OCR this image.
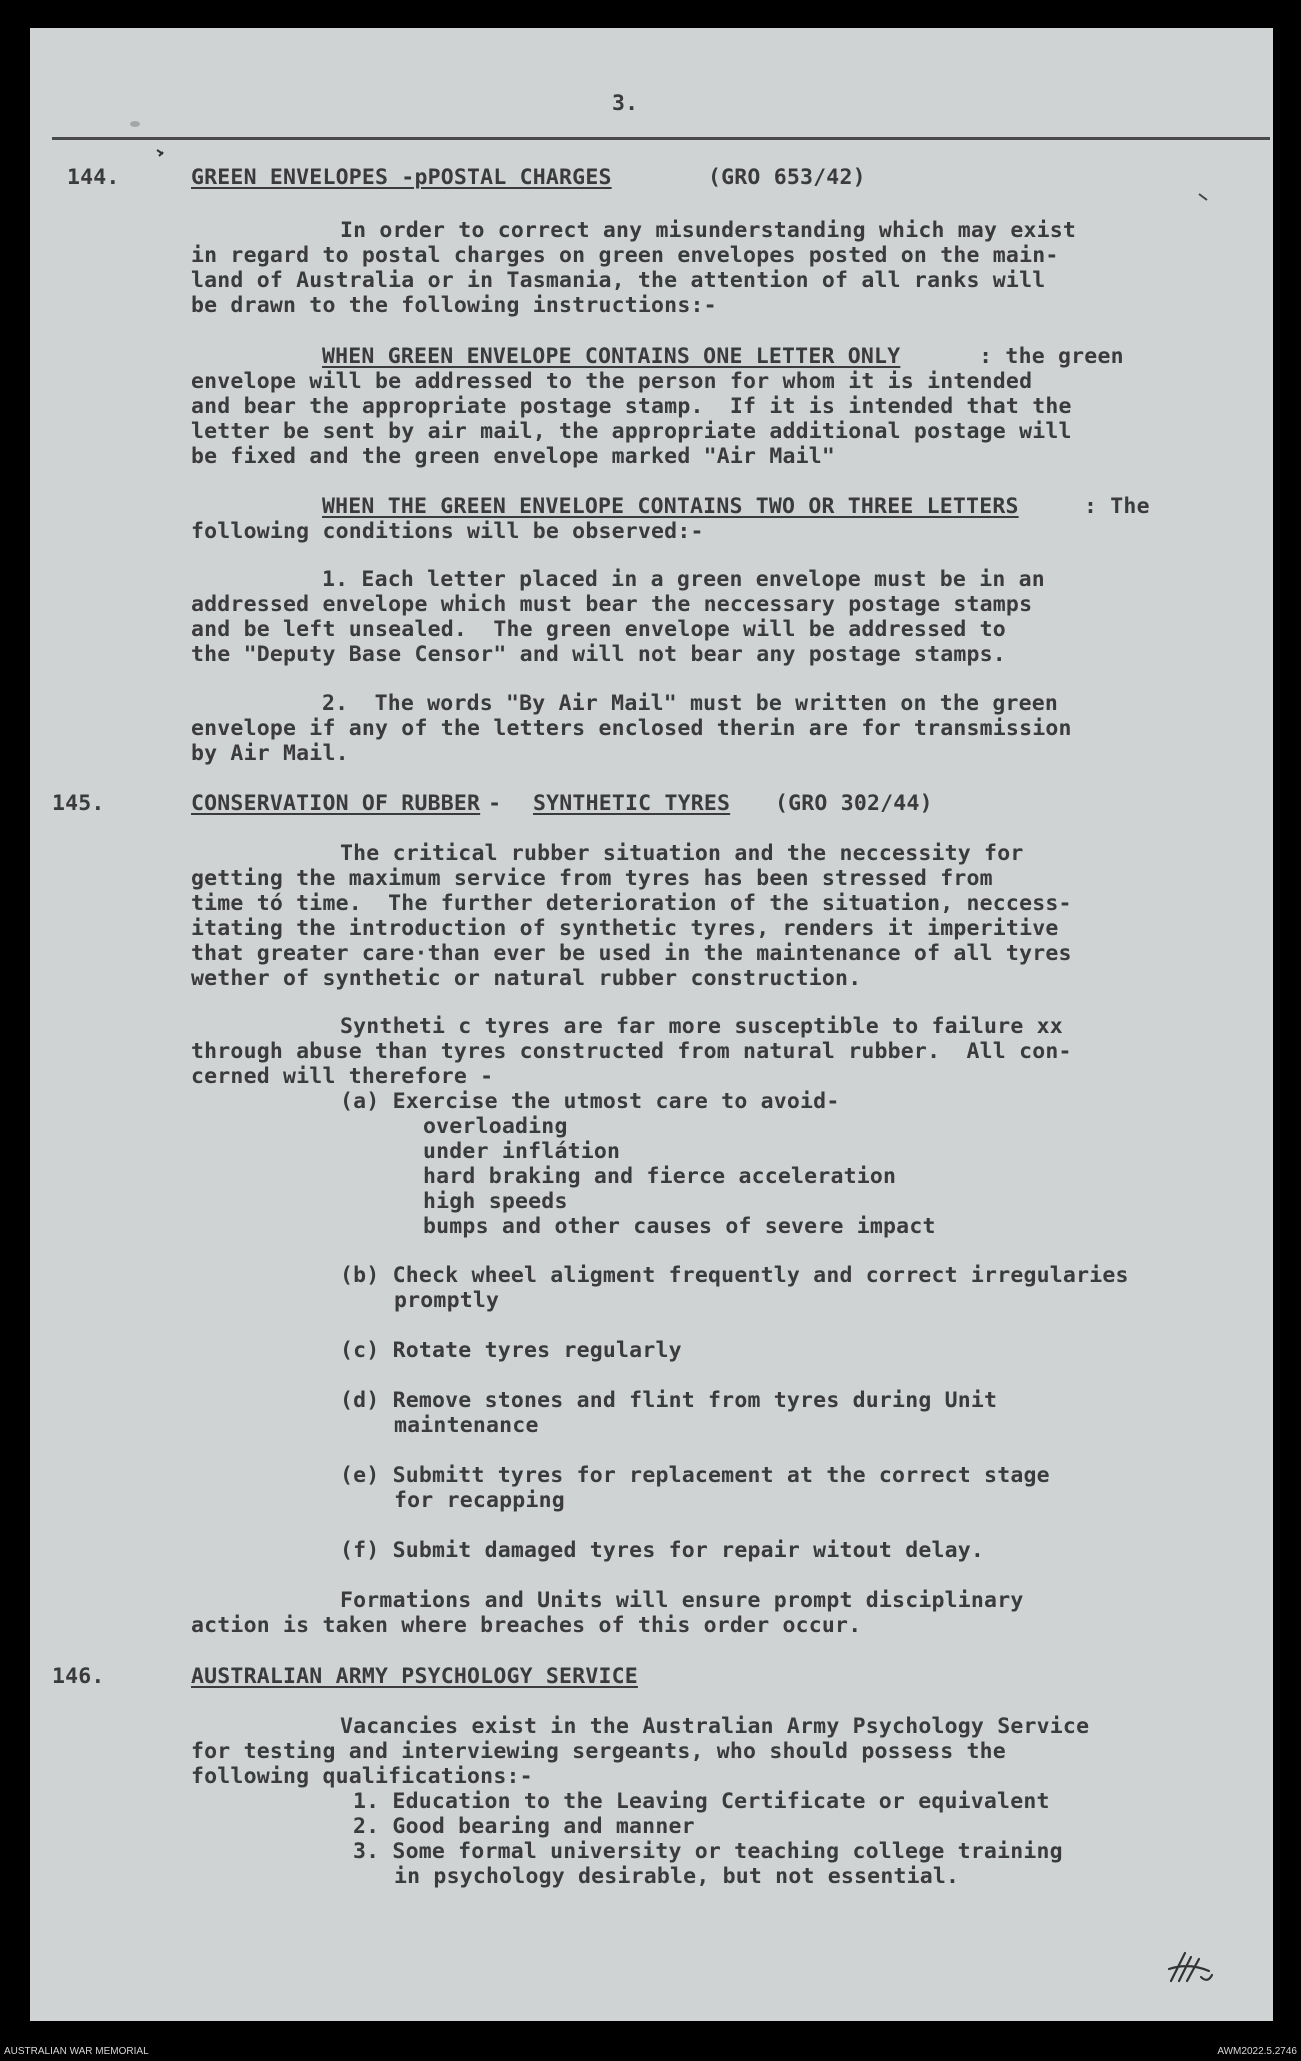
3.
144.	GREEN ENVELOPES -pPOSTAL CHARGES	(GRO 653/42)
In order to correct any misunderstanding which may exist
in regard to postal charges on green envelopes posted on the main-
land of Australia or in Tasmania, the attention of all ranks will
be drawn to the following instructions:-
WHEN GREEN ENVELOPE CONTAINS ONE LETTER ONLY	: the green
envelope will be addressed to the person for whom it is intended
and bear the appropriate postage stamp.  If it is intended that the
letter be sent by air mail, the appropriate additional postage will
be fixed and the green envelope marked "Air Mail"
WHEN THE GREEN ENVELOPE CONTAINS TWO OR THREE LETTERS	: The
following conditions will be observed:-
1. Each letter placed in a green envelope must be in an
addressed envelope which must bear the neccessary postage stamps
and be left unsealed.  The green envelope will be addressed to
the "Deputy Base Censor" and will not bear any postage stamps.
2.  The words "By Air Mail" must be written on the green
envelope if any of the letters enclosed therin are for transmission
by Air Mail.
145.	CONSERVATION OF RUBBER
- SYNTHETIC TYRES (GRO 302/44)
The critical rubber situation and the neccessity for
getting the maximum service from tyres has been stressed from
time tó time.  The further deterioration of the situation, neccess-
itating the introduction of synthetic tyres, renders it imperitive
that greater care·than ever be used in the maintenance of all tyres
wether of synthetic or natural rubber construction.
Syntheti c tyres are far more susceptible to failure xx
through abuse than tyres constructed from natural rubber.  All con-
cerned will therefore -
(a) Exercise the utmost care to avoid-
overloading
under inflátion
hard braking and fierce acceleration
high speeds
bumps and other causes of severe impact
(b) Check wheel aligment frequently and correct irregularies
promptly
(c) Rotate tyres regularly
(d) Remove stones and flint from tyres during Unit
maintenance
(e) Submitt tyres for replacement at the correct stage
for recapping
(f) Submit damaged tyres for repair witout delay.
Formations and Units will ensure prompt disciplinary
action is taken where breaches of this order occur.
146.	AUSTRALIAN ARMY PSYCHOLOGY SERVICE
Vacancies exist in the Australian Army Psychology Service
for testing and interviewing sergeants, who should possess the
following qualifications:-
1. Education to the Leaving Certificate or equivalent
2. Good bearing and manner
3. Some formal university or teaching college training
in psychology desirable, but not essential.
AUSTRALIAN WAR MEMORIAL	AWM2022.5.2746
